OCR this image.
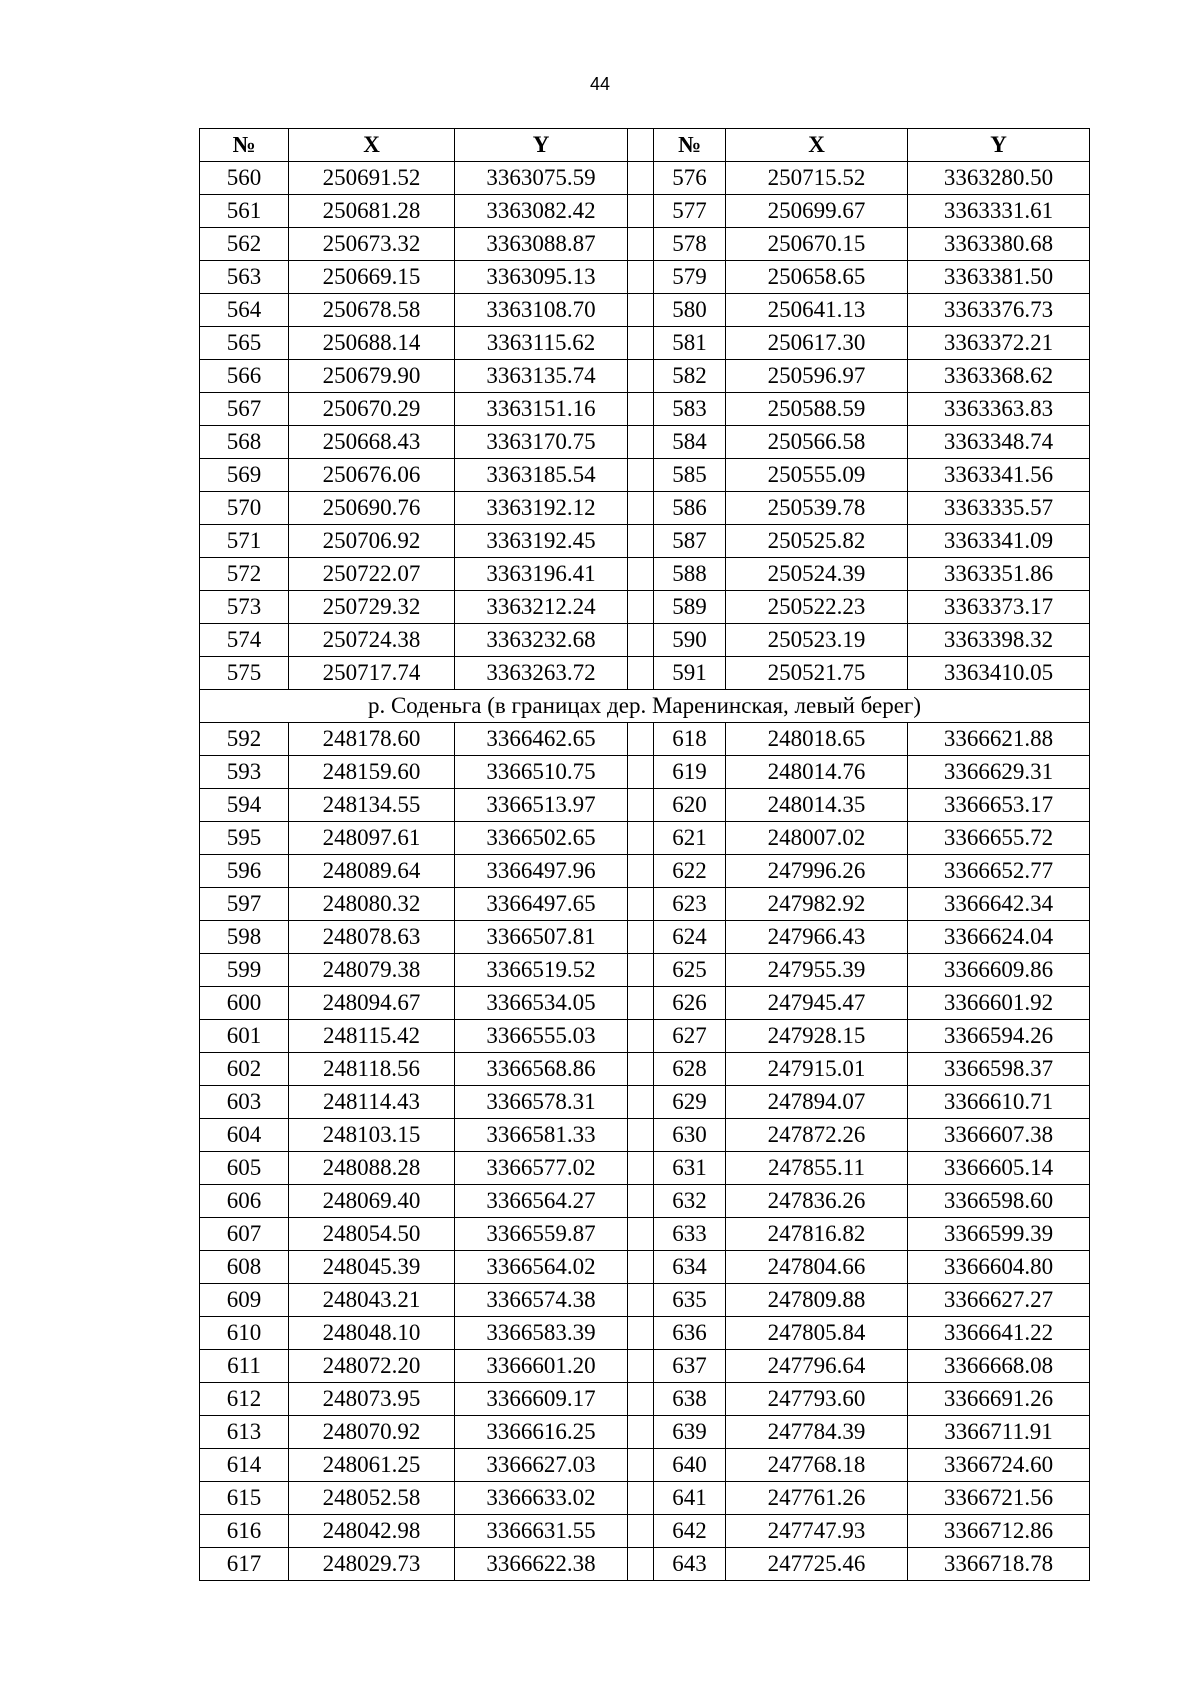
44
№	X	Y		№	X	Y
560	250691.52	3363075.59		576	250715.52	3363280.50
561	250681.28	3363082.42		577	250699.67	3363331.61
562	250673.32	3363088.87		578	250670.15	3363380.68
563	250669.15	3363095.13		579	250658.65	3363381.50
564	250678.58	3363108.70		580	250641.13	3363376.73
565	250688.14	3363115.62		581	250617.30	3363372.21
566	250679.90	3363135.74		582	250596.97	3363368.62
567	250670.29	3363151.16		583	250588.59	3363363.83
568	250668.43	3363170.75		584	250566.58	3363348.74
569	250676.06	3363185.54		585	250555.09	3363341.56
570	250690.76	3363192.12		586	250539.78	3363335.57
571	250706.92	3363192.45		587	250525.82	3363341.09
572	250722.07	3363196.41		588	250524.39	3363351.86
573	250729.32	3363212.24		589	250522.23	3363373.17
574	250724.38	3363232.68		590	250523.19	3363398.32
575	250717.74	3363263.72		591	250521.75	3363410.05
р. Соденьга (в границах дер. Маренинская, левый берег)						
592	248178.60	3366462.65		618	248018.65	3366621.88
593	248159.60	3366510.75		619	248014.76	3366629.31
594	248134.55	3366513.97		620	248014.35	3366653.17
595	248097.61	3366502.65		621	248007.02	3366655.72
596	248089.64	3366497.96		622	247996.26	3366652.77
597	248080.32	3366497.65		623	247982.92	3366642.34
598	248078.63	3366507.81		624	247966.43	3366624.04
599	248079.38	3366519.52		625	247955.39	3366609.86
600	248094.67	3366534.05		626	247945.47	3366601.92
601	248115.42	3366555.03		627	247928.15	3366594.26
602	248118.56	3366568.86		628	247915.01	3366598.37
603	248114.43	3366578.31		629	247894.07	3366610.71
604	248103.15	3366581.33		630	247872.26	3366607.38
605	248088.28	3366577.02		631	247855.11	3366605.14
606	248069.40	3366564.27		632	247836.26	3366598.60
607	248054.50	3366559.87		633	247816.82	3366599.39
608	248045.39	3366564.02		634	247804.66	3366604.80
609	248043.21	3366574.38		635	247809.88	3366627.27
610	248048.10	3366583.39		636	247805.84	3366641.22
611	248072.20	3366601.20		637	247796.64	3366668.08
612	248073.95	3366609.17		638	247793.60	3366691.26
613	248070.92	3366616.25		639	247784.39	3366711.91
614	248061.25	3366627.03		640	247768.18	3366724.60
615	248052.58	3366633.02		641	247761.26	3366721.56
616	248042.98	3366631.55		642	247747.93	3366712.86
617	248029.73	3366622.38		643	247725.46	3366718.78
